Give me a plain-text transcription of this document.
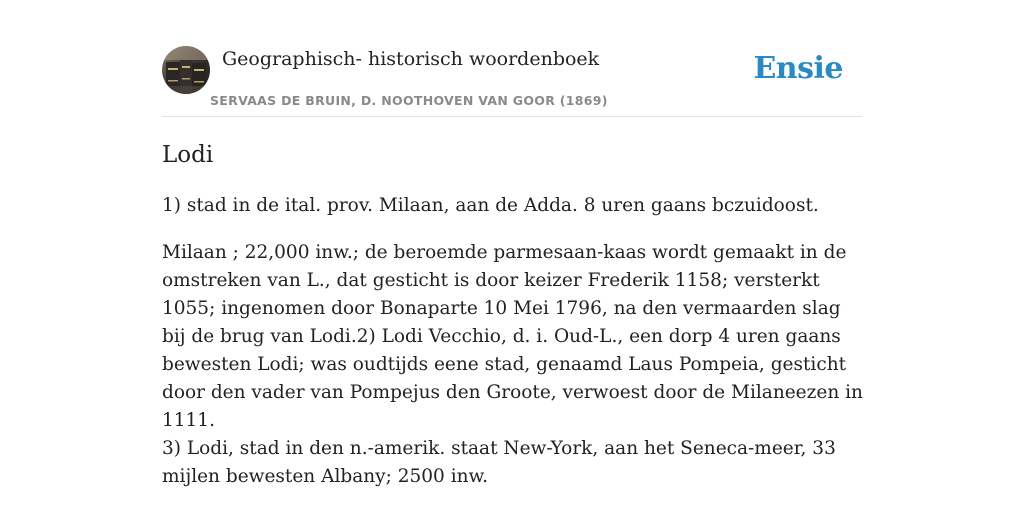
Geographisch- historisch woordenboek
SERVAAS DE BRUIN, D. NOOTHOVEN VAN GOOR (1869)
Ensie
Lodi

1) stad in de ital. prov. Milaan, aan de Adda. 8 uren gaans bczuidoost.

Milaan ; 22,000 inw.; de beroemde parmesaan-kaas wordt gemaakt in de omstreken van L., dat gesticht is door keizer Frederik 1158; versterkt 1055; ingenomen door Bonaparte 10 Mei 1796, na den vermaarden slag bij de brug van Lodi.2) Lodi Vecchio, d. i. Oud-L., een dorp 4 uren gaans bewesten Lodi; was oudtijds eene stad, genaamd Laus Pompeia, gesticht door den vader van Pompejus den Groote, verwoest door de Milaneezen in 1111.

3) Lodi, stad in den n.-amerik. staat New-York, aan het Seneca-meer, 33 mijlen bewesten Albany; 2500 inw.
